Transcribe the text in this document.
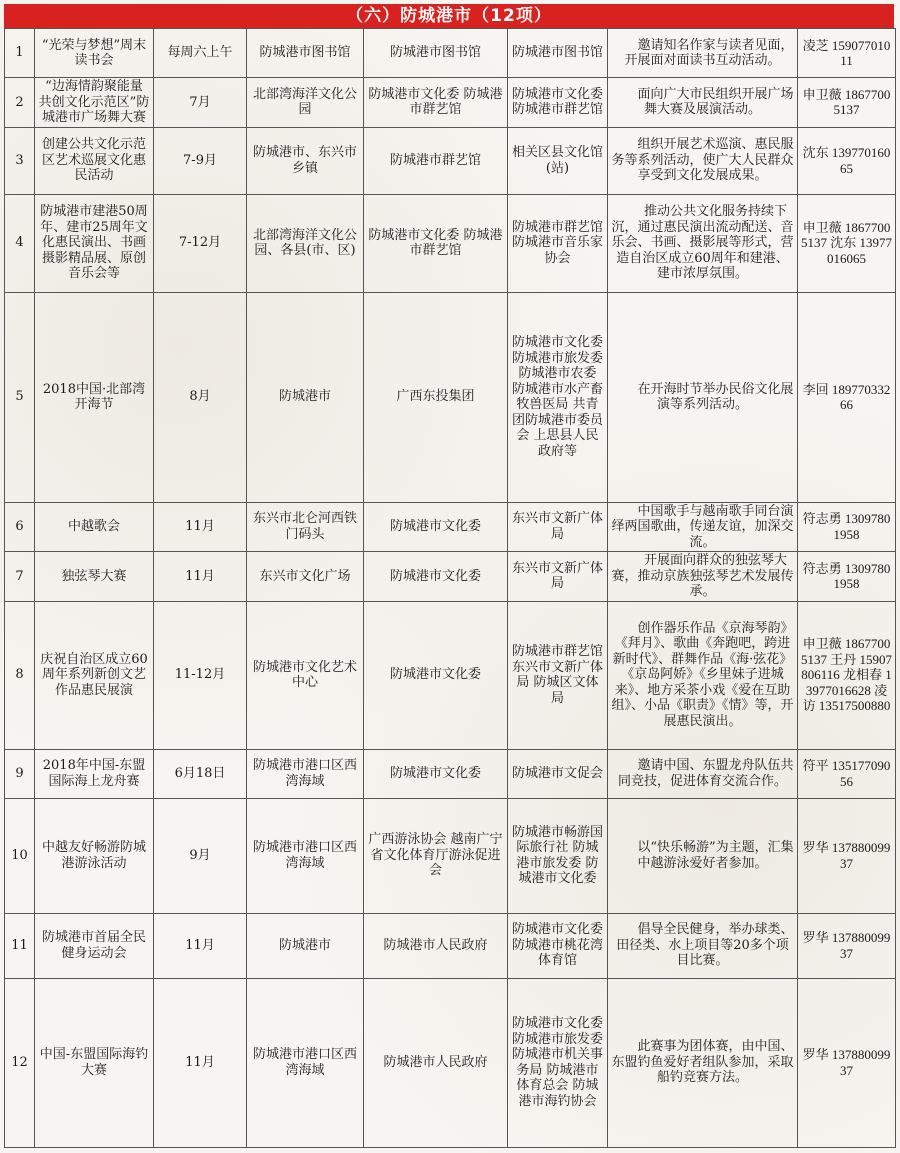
（六）防城港市（12项）
1	“光荣与梦想”周末读书会	每周六上午	防城港市图书馆	防城港市图书馆	防城港市图书馆	邀请知名作家与读者见面，开展面对面读书互动活动。	凌芝 15907701011
2	“边海情韵聚能量 共创文化示范区”防城港市广场舞大赛	7月	北部湾海洋文化公园	防城港市文化委 防城港市群艺馆	防城港市文化委 防城港市群艺馆	面向广大市民组织开展广场舞大赛及展演活动。	申卫薇 18677005137
3	创建公共文化示范区艺术巡展文化惠民活动	7-9月	防城港市、东兴市乡镇	防城港市群艺馆	相关区县文化馆(站)	组织开展艺术巡演、惠民服务等系列活动，使广大人民群众享受到文化发展成果。	沈东 13977016065
4	防城港市建港50周年、建市25周年文化惠民演出、书画摄影精品展、原创音乐会等	7-12月	北部湾海洋文化公园、各县(市、区)	防城港市文化委 防城港市群艺馆	防城港市群艺馆 防城港市音乐家协会	推动公共文化服务持续下沉，通过惠民演出流动配送、音乐会、书画、摄影展等形式，营造自治区成立60周年和建港、建市浓厚氛围。	申卫薇 18677005137 沈东 13977016065
5	2018中国·北部湾开海节	8月	防城港市	广西东投集团	防城港市文化委 防城港市旅发委 防城港市农委 防城港市水产畜牧兽医局 共青团防城港市委员会 上思县人民政府等	在开海时节举办民俗文化展演等系列活动。	李回 18977033266
6	中越歌会	11月	东兴市北仑河西铁门码头	防城港市文化委	东兴市文新广体局	中国歌手与越南歌手同台演绎两国歌曲，传递友谊，加深交流。	符志勇 13097801958
7	独弦琴大赛	11月	东兴市文化广场	防城港市文化委	东兴市文新广体局	开展面向群众的独弦琴大赛，推动京族独弦琴艺术发展传承。	符志勇 13097801958
8	庆祝自治区成立60周年系列新创文艺作品惠民展演	11-12月	防城港市文化艺术中心	防城港市文化委	防城港市群艺馆 东兴市文新广体局 防城区文体局	创作器乐作品《京海琴韵》《拜月》、歌曲《奔跑吧，跨进新时代》、群舞作品《海·弦花》《京岛阿娇》《乡里妹子进城来》、地方采茶小戏《爱在互助组》、小品《职责》《情》等，开展惠民演出。	申卫薇 18677005137 王丹 15907806116 龙相春 13977016628 凌 访 13517500880
9	2018年中国-东盟国际海上龙舟赛	6月18日	防城港市港口区西湾海域	防城港市文化委	防城港市文促会	邀请中国、东盟龙舟队伍共同竞技，促进体育交流合作。	符平 13517709056
10	中越友好畅游防城港游泳活动	9月	防城港市港口区西湾海域	广西游泳协会 越南广宁省文化体育厅游泳促进会	防城港市畅游国际旅行社 防城港市旅发委 防城港市文化委	以“快乐畅游”为主题，汇集中越游泳爱好者参加。	罗华 13788009937
11	防城港市首届全民健身运动会	11月	防城港市	防城港市人民政府	防城港市文化委 防城港市桃花湾体育馆	倡导全民健身，举办球类、田径类、水上项目等20多个项目比赛。	罗华 13788009937
12	中国-东盟国际海钓大赛	11月	防城港市港口区西湾海域	防城港市人民政府	防城港市文化委 防城港市旅发委 防城港市机关事务局 防城港市体育总会 防城港市海钓协会	此赛事为团体赛，由中国、东盟钓鱼爱好者组队参加，采取船钓竞赛方法。	罗华 13788009937
